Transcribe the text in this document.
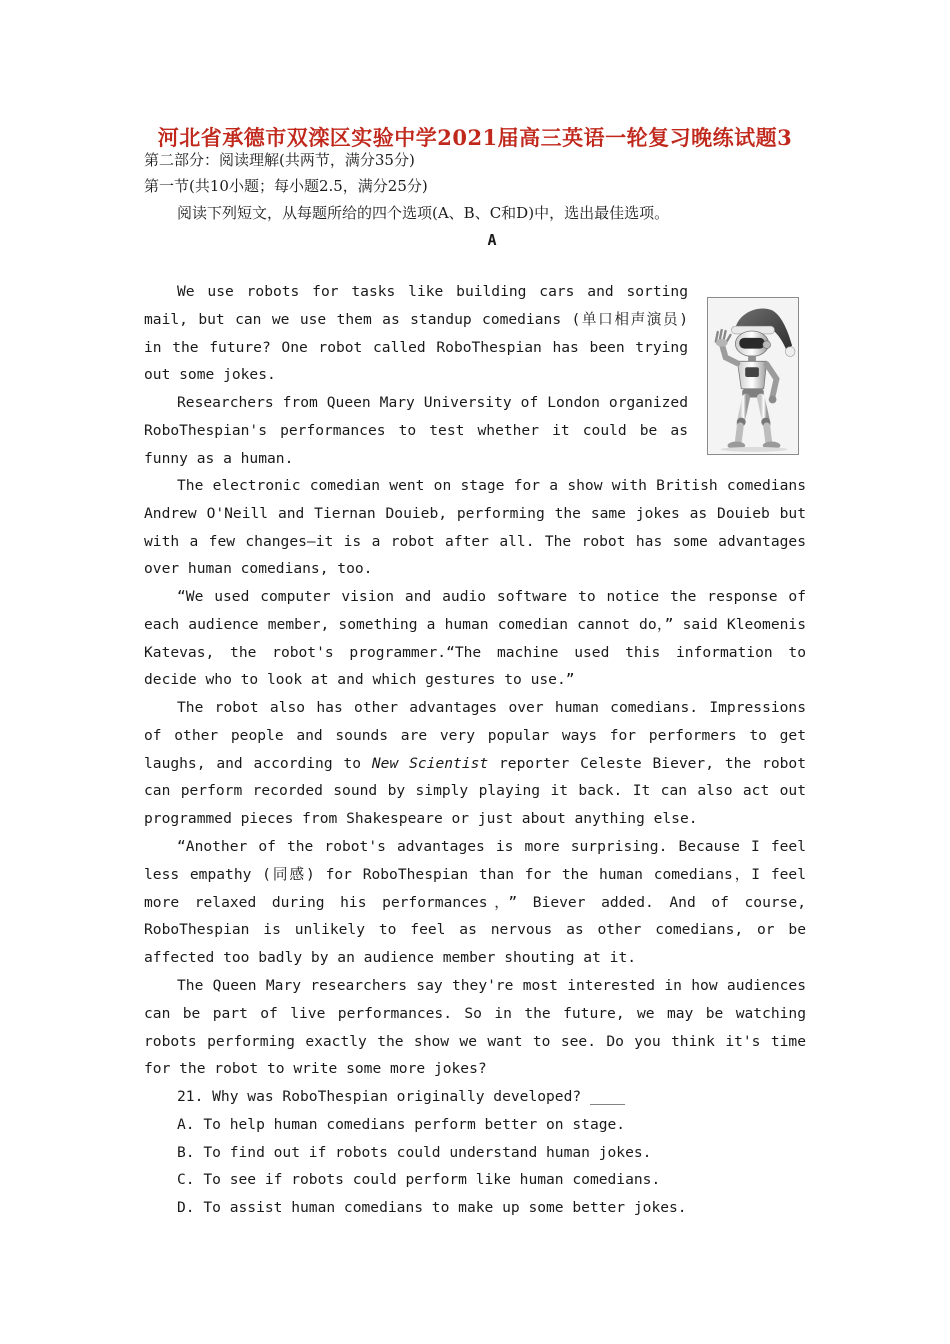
河北省承德市双滦区实验中学2021届高三英语一轮复习晚练试题3

第二部分：阅读理解(共两节，满分35分)

第一节(共10小题；每小题2.5，满分25分)

阅读下列短文，从每题所给的四个选项(A、B、C和D)中，选出最佳选项。

A

We use robots for tasks like building cars and sorting mail, but can we use them as standup comedians (单口相声演员) in the future? One robot called RoboThespian has been trying out some jokes.

Researchers from Queen Mary University of London organized RoboThespian's performances to test whether it could be as funny as a human.

The electronic comedian went on stage for a show with British comedians Andrew O'Neill and Tiernan Douieb, performing the same jokes as Douieb but with a few changes—it is a robot after all. The robot has some advantages over human comedians, too.

“We used computer vision and audio software to notice the response of each audience member, something a human comedian cannot do，” said Kleomenis Katevas, the robot's programmer.“The machine used this information to decide who to look at and which gestures to use.”

The robot also has other advantages over human comedians. Impressions of other people and sounds are very popular ways for performers to get laughs, and according to New Scientist reporter Celeste Biever, the robot can perform recorded sound by simply playing it back. It can also act out programmed pieces from Shakespeare or just about anything else.

“Another of the robot's advantages is more surprising. Because I feel less empathy (同感) for RoboThespian than for the human comedians，I feel more relaxed during his performances，” Biever added. And of course, RoboThespian is unlikely to feel as nervous as other comedians, or be affected too badly by an audience member shouting at it.

The Queen Mary researchers say they're most interested in how audiences can be part of live performances. So in the future, we may be watching robots performing exactly the show we want to see. Do you think it's time for the robot to write some more jokes?

21. Why was RoboThespian originally developed? ____

A. To help human comedians perform better on stage.

B. To find out if robots could understand human jokes.

C. To see if robots could perform like human comedians.

D. To assist human comedians to make up some better jokes.
